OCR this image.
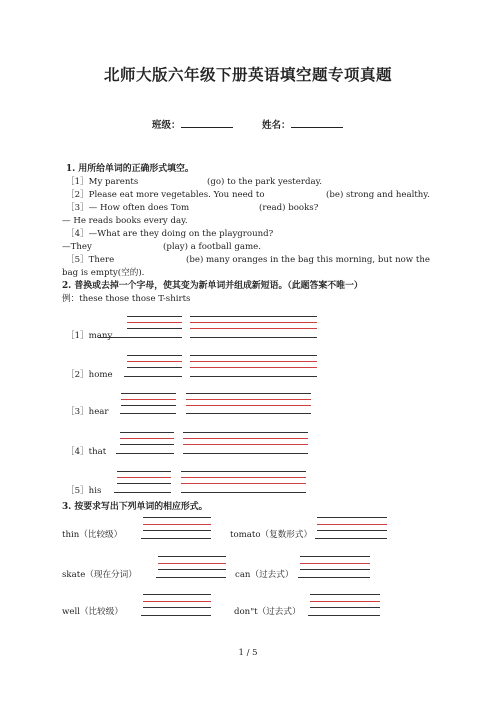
北师大版六年级下册英语填空题专项真题
班级：	姓名：
1. 用所给单词的正确形式填空。
［1］My parents	(go) to the park yesterday.
［2］Please eat more vegetables. You need to	(be) strong and healthy.
［3］— How often does Tom	(read) books?
— He reads books every day.
［4］—What are they doing on the playground?
—They	(play) a football game.
［5］There	(be) many oranges in the bag this morning, but now the
bag is empty(空的).
2. 普换或去掉一个字母，使其变为新单词并组成新短语。（此题答案不唯一）
例：these those those T-shirts
［1］many
［2］home
［3］hear
［4］that
［5］his
3. 按要求写出下列单词的相应形式。
thin（比较级）	tomato（复数形式）
skate（现在分词）	can（过去式）
well（比较级）	don"t（过去式）
1 / 5
